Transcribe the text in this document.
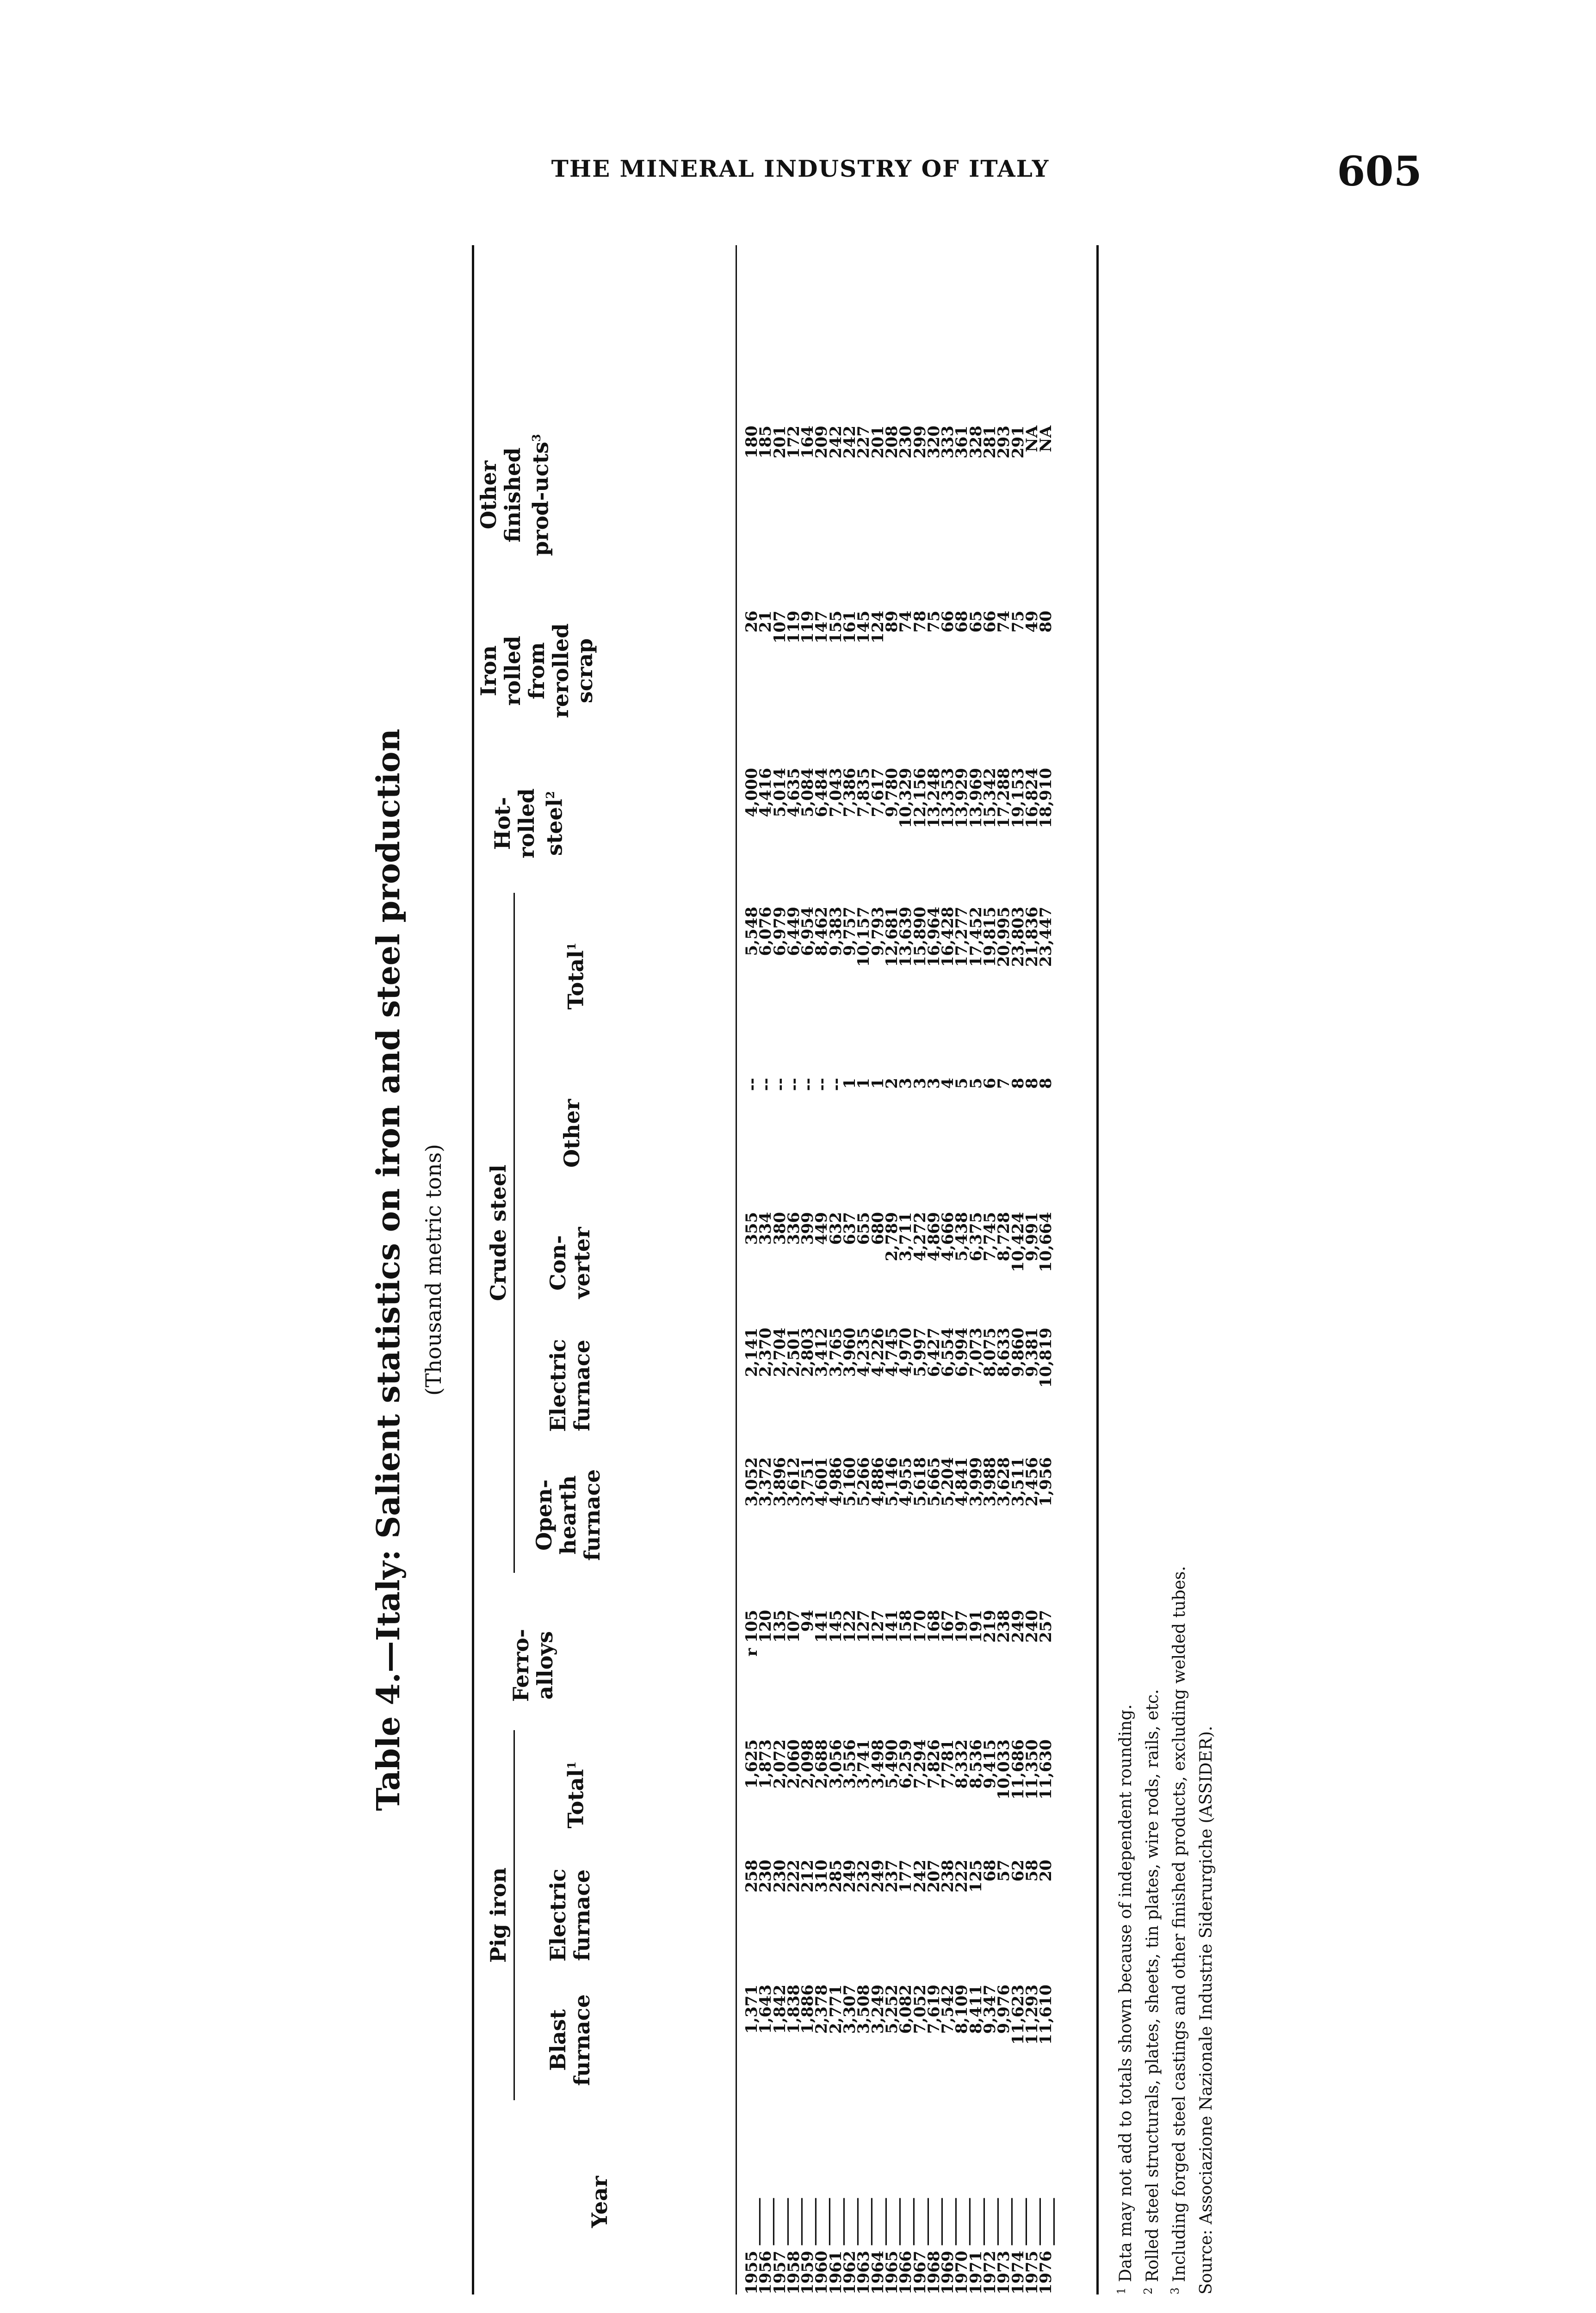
THE MINERAL INDUSTRY OF ITALY	605
Table 4.—Italy: Salient statistics on iron and steel production (Thousand metric tons)
Pig iron
Crude steel
Year
Blast furnace
Electric furnace
Total$^1$
Ferro-alloys
Open-hearth furnace
Electric furnace
Con-verter
Other
Total$^1$
Hot-rolled steel$^2$
Iron rolled from rerolled scrap
Other finished prod-ucts$^3$
1955 ______
1,371
258
1,625
r 105
3,052
2,141
355
--
5,548
4,000
26
180
1956 ______
1,643
230
1,873
120
3,372
2,370
334
--
6,076
4,416
21
185
1957 ______
1,842
230
2,072
135
3,896
2,704
380
--
6,979
5,014
107
201
1958 ______
1,838
222
2,060
107
3,612
2,501
336
--
6,449
4,635
119
172
1959 ______
1,886
212
2,098
94
3,751
2,803
399
--
6,954
5,084
119
164
1960 ______
2,378
310
2,688
141
4,601
3,412
449
--
8,462
6,484
147
209
1961 ______
2,771
285
3,056
145
4,986
3,765
632
--
9,383
7,043
155
242
1962 ______
3,307
249
3,556
122
5,160
3,960
637
1
9,757
7,386
161
242
1963 ______
3,508
232
3,741
127
5,266
4,235
655
1
10,157
7,835
145
227
1964 ______
3,249
249
3,498
127
4,886
4,226
680
1
9,793
7,617
124
201
1965 ______
5,252
237
5,490
141
5,146
4,745
2,789
2
12,681
9,780
89
208
1966 ______
6,082
177
6,259
158
4,955
4,970
3,711
3
13,639
10,329
74
230
1967 ______
7,052
242
7,294
170
5,618
5,997
4,272
3
15,890
12,156
78
299
1968 ______
7,619
207
7,826
168
5,665
6,427
4,869
3
16,964
13,248
75
320
1969 ______
7,542
238
7,781
167
5,204
6,554
4,666
4
16,428
13,353
66
333
1970 ______
8,109
222
8,332
197
4,841
6,994
5,438
5
17,277
13,929
68
361
1971 ______
8,411
125
8,536
191
3,999
7,073
6,375
5
17,452
13,969
65
328
1972 ______
9,347
68
9,415
219
3,988
8,075
7,745
6
19,815
15,342
66
281
1973 ______
9,976
57
10,033
238
3,628
8,633
8,728
7
20,995
17,288
74
293
1974 ______
11,623
62
11,686
249
3,511
9,860
10,424
8
23,803
19,153
75
291
1975 ______
11,293
58
11,350
240
2,456
9,381
9,991
8
21,836
16,824
49
NA
1976 ______
11,610
20
11,630
257
1,956
10,819
10,664
8
23,447
18,910
80
NA
$^1$ Data may not add to totals shown because of independent rounding.
$^2$ Rolled steel structurals, plates, sheets, tin plates, wire rods, rails, etc.
$^3$ Including forged steel castings and other finished products, excluding welded tubes. Source: Associazione Nazionale Industrie Siderurgiche (ASSIDER).
